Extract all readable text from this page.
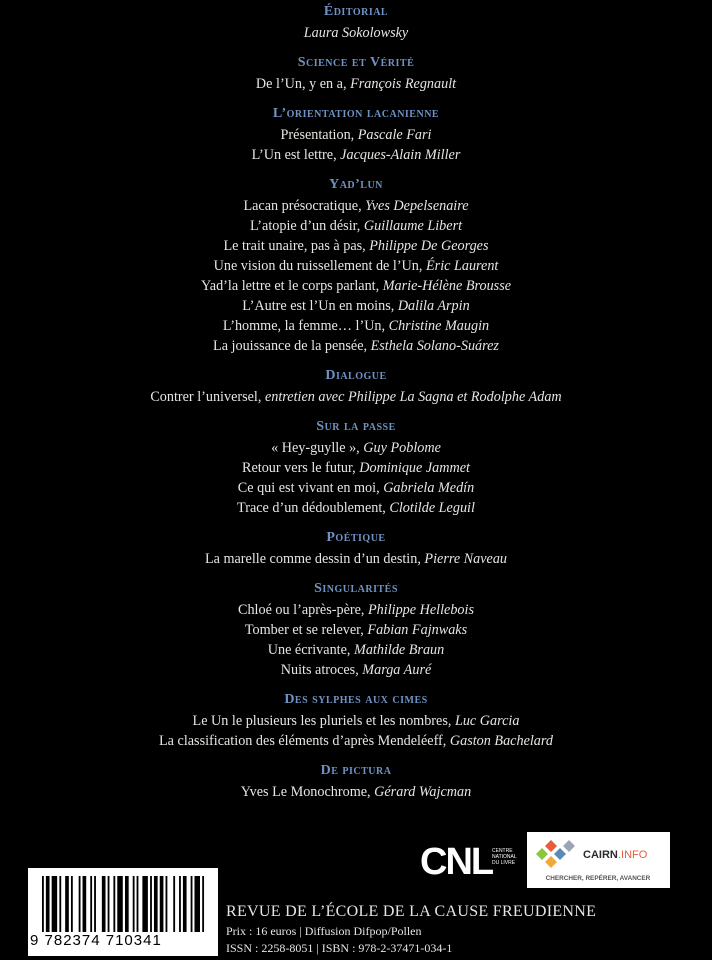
Éditorial
Laura Sokolowsky
Science et Vérité
De l’Un, y en a, François Regnault
L’orientation lacanienne
Présentation, Pascale Fari
L’Un est lettre, Jacques-Alain Miller
Yad’lun
Lacan présocratique, Yves Depelsenaire
L’atopie d’un désir, Guillaume Libert
Le trait unaire, pas à pas, Philippe De Georges
Une vision du ruissellement de l’Un, Éric Laurent
Yad’la lettre et le corps parlant, Marie-Hélène Brousse
L’Autre est l’Un en moins, Dalila Arpin
L’homme, la femme… l’Un, Christine Maugin
La jouissance de la pensée, Esthela Solano-Suárez
Dialogue
Contrer l’universel, entretien avec Philippe La Sagna et Rodolphe Adam
Sur la passe
« Hey-guylle », Guy Poblome
Retour vers le futur, Dominique Jammet
Ce qui est vivant en moi, Gabriela Medín
Trace d’un dédoublement, Clotilde Leguil
Poétique
La marelle comme dessin d’un destin, Pierre Naveau
Singularités
Chloé ou l’après-père, Philippe Hellebois
Tomber et se relever, Fabian Fajnwaks
Une écrivante, Mathilde Braun
Nuits atroces, Marga Auré
Des sylphes aux cimes
Le Un le plusieurs les pluriels et les nombres, Luc Garcia
La classification des éléments d’après Mendeléeff, Gaston Bachelard
De pictura
Yves Le Monochrome, Gérard Wajcman
CNL CENTRE NATIONAL DU LIVRE
CAIRN .INFO
CHERCHER, REPÉRER, AVANCER
9 782374 710341
REVUE DE L’ÉCOLE DE LA CAUSE FREUDIENNE
Prix : 16 euros | Diffusion Difpop/Pollen
ISSN : 2258-8051 | ISBN : 978-2-37471-034-1
